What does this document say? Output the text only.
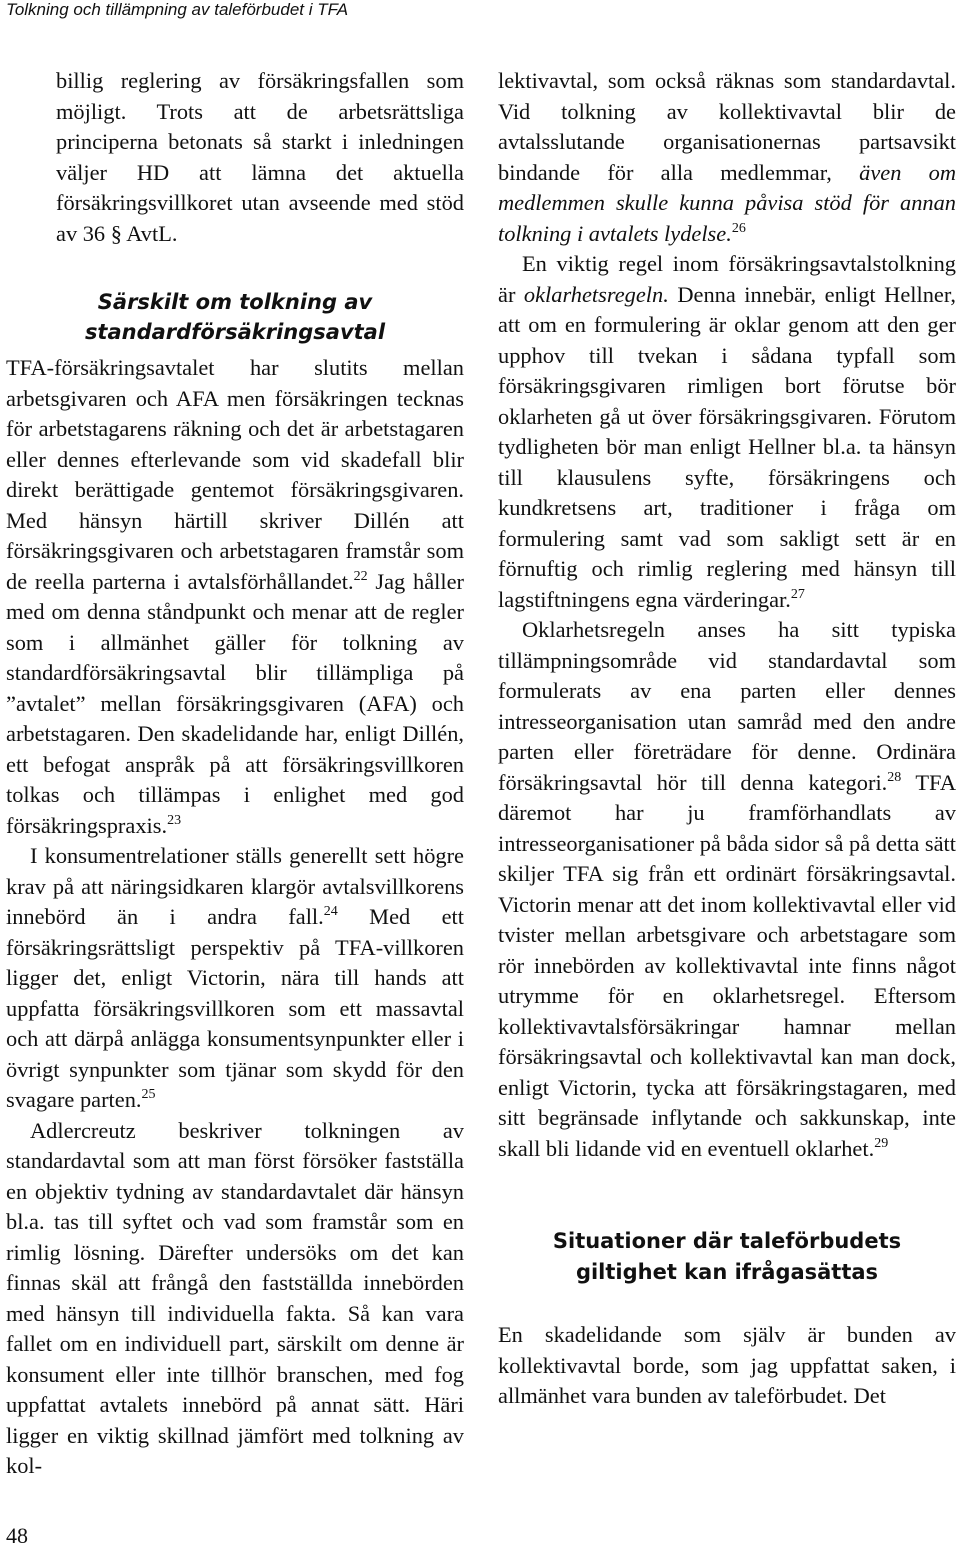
Tolkning och tillämpning av taleförbudet i TFA

billig reglering av försäkringsfallen som möjligt. Trots att de arbetsrättsliga principerna betonats så starkt i inledningen väljer HD att lämna det aktuella försäkringsvillkoret utan avseende med stöd av 36 § AvtL.

Särskilt om tolkning av standardförsäkringsavtal

TFA-försäkringsavtalet har slutits mellan arbetsgivaren och AFA men försäkringen tecknas för arbetstagarens räkning och det är arbetstagaren eller dennes efterlevande som vid skadefall blir direkt berättigade gentemot försäkringsgivaren. Med hänsyn härtill skriver Dillén att försäkringsgivaren och arbetstagaren framstår som de reella parterna i avtalsförhållandet.$^{22}$ Jag håller med om denna ståndpunkt och menar att de regler som i allmänhet gäller för tolkning av standardförsäkringsavtal blir tillämpliga på ”avtalet” mellan försäkringsgivaren (AFA) och arbetstagaren. Den skadelidande har, enligt Dillén, ett befogat anspråk på att försäkringsvillkoren tolkas och tillämpas i enlighet med god försäkringspraxis.$^{23}$

I konsumentrelationer ställs generellt sett högre krav på att näringsidkaren klargör avtalsvillkorens innebörd än i andra fall.$^{24}$ Med ett försäkringsrättsligt perspektiv på TFA-villkoren ligger det, enligt Victorin, nära till hands att uppfatta försäkringsvillkoren som ett massavtal och att därpå anlägga konsumentsynpunkter eller i övrigt synpunkter som tjänar som skydd för den svagare parten.$^{25}$

Adlercreutz beskriver tolkningen av standardavtal som att man först försöker fastställa en objektiv tydning av standardavtalet där hänsyn bl.a. tas till syftet och vad som framstår som en rimlig lösning. Därefter undersöks om det kan finnas skäl att frångå den fastställda innebörden med hänsyn till individuella fakta. Så kan vara fallet om en individuell part, särskilt om denne är konsument eller inte tillhör branschen, med fog uppfattat avtalets innebörd på annat sätt. Häri ligger en viktig skillnad jämfört med tolkning av kol-

lektivavtal, som också räknas som standardavtal. Vid tolkning av kollektivavtal blir de avtalsslutande organisationernas partsavsikt bindande för alla medlemmar, även om medlemmen skulle kunna påvisa stöd för annan tolkning i avtalets lydelse.$^{26}$

En viktig regel inom försäkringsavtalstolkning är oklarhetsregeln. Denna innebär, enligt Hellner, att om en formulering är oklar genom att den ger upphov till tvekan i sådana typfall som försäkringsgivaren rimligen bort förutse bör oklarheten gå ut över försäkringsgivaren. Förutom tydligheten bör man enligt Hellner bl.a. ta hänsyn till klausulens syfte, försäkringens och kundkretsens art, traditioner i fråga om formulering samt vad som sakligt sett är en förnuftig och rimlig reglering med hänsyn till lagstiftningens egna värderingar.$^{27}$

Oklarhetsregeln anses ha sitt typiska tillämpningsområde vid standardavtal som formulerats av ena parten eller dennes intresseorganisation utan samråd med den andre parten eller företrädare för denne. Ordinära försäkringsavtal hör till denna kategori.$^{28}$ TFA däremot har ju framförhandlats av intresseorganisationer på båda sidor så på detta sätt skiljer TFA sig från ett ordinärt försäkringsavtal. Victorin menar att det inom kollektivavtal eller vid tvister mellan arbetsgivare och arbetstagare som rör innebörden av kollektivavtal inte finns något utrymme för en oklarhetsregel. Eftersom kollektivavtalsförsäkringar hamnar mellan försäkringsavtal och kollektivavtal kan man dock, enligt Victorin, tycka att försäkringstagaren, med sitt begränsade inflytande och sakkunskap, inte skall bli lidande vid en eventuell oklarhet.$^{29}$

Situationer där taleförbudets
giltighet kan ifrågasättas

En skadelidande som själv är bunden av kollektivavtal borde, som jag uppfattat saken, i allmänhet vara bunden av taleförbudet. Det

48
